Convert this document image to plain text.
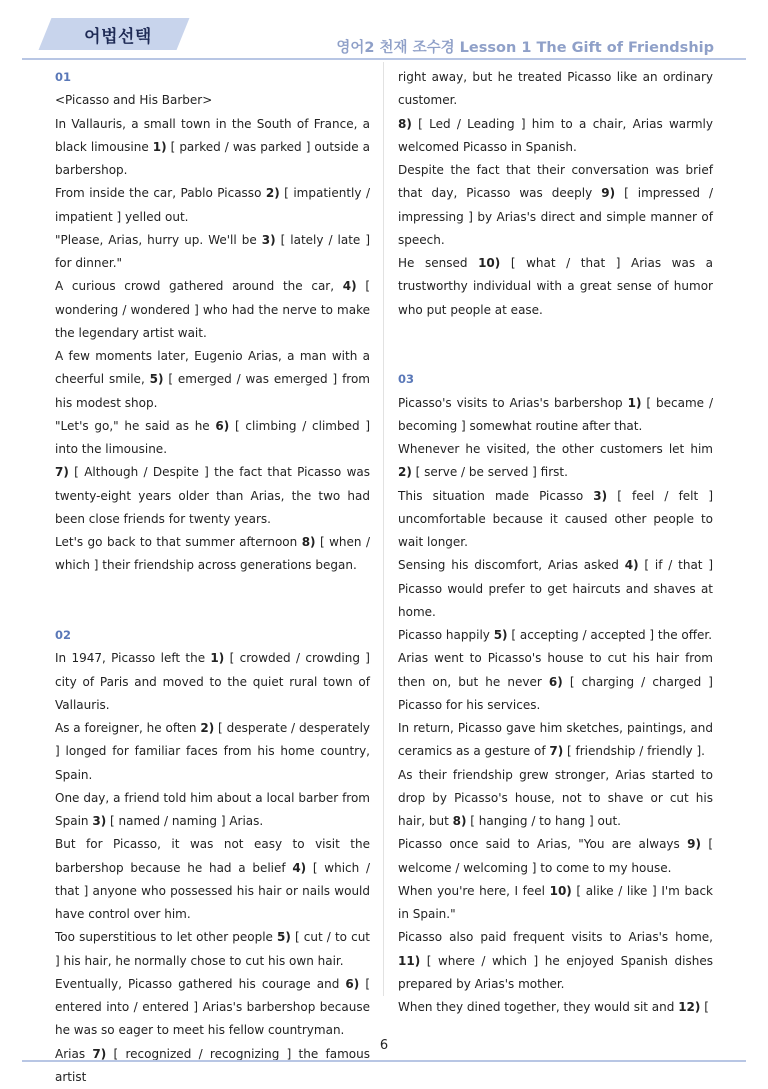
어법선택
영어2 천재 조수경 Lesson 1 The Gift of Friendship
01
<Picasso and His Barber>
In Vallauris, a small town in the South of France, a black limousine 1) [ parked / was parked ] outside a barbershop.
From inside the car, Pablo Picasso 2) [ impatiently / impatient ] yelled out.
"Please, Arias, hurry up. We'll be 3) [ lately / late ] for dinner."
A curious crowd gathered around the car, 4) [ wondering / wondered ] who had the nerve to make the legendary artist wait.
A few moments later, Eugenio Arias, a man with a cheerful smile, 5) [ emerged / was emerged ] from his modest shop.
"Let's go," he said as he 6) [ climbing / climbed ] into the limousine.
7) [ Although / Despite ] the fact that Picasso was twenty-eight years older than Arias, the two had been close friends for twenty years.
Let's go back to that summer afternoon 8) [ when / which ] their friendship across generations began.
02
In 1947, Picasso left the 1) [ crowded / crowding ] city of Paris and moved to the quiet rural town of Vallauris.
As a foreigner, he often 2) [ desperate / desperately ] longed for familiar faces from his home country, Spain.
One day, a friend told him about a local barber from Spain 3) [ named / naming ] Arias.
But for Picasso, it was not easy to visit the barbershop because he had a belief 4) [ which / that ] anyone who possessed his hair or nails would have control over him.
Too superstitious to let other people 5) [ cut / to cut ] his hair, he normally chose to cut his own hair.
Eventually, Picasso gathered his courage and 6) [ entered into / entered ] Arias's barbershop because he was so eager to meet his fellow countryman.
Arias 7) [ recognized / recognizing ] the famous artist
right away, but he treated Picasso like an ordinary customer.
8) [ Led / Leading ] him to a chair, Arias warmly welcomed Picasso in Spanish.
Despite the fact that their conversation was brief that day, Picasso was deeply 9) [ impressed / impressing ] by Arias's direct and simple manner of speech.
He sensed 10) [ what / that ] Arias was a trustworthy individual with a great sense of humor who put people at ease.
03
Picasso's visits to Arias's barbershop 1) [ became / becoming ] somewhat routine after that.
Whenever he visited, the other customers let him 2) [ serve / be served ] first.
This situation made Picasso 3) [ feel / felt ] uncomfortable because it caused other people to wait longer.
Sensing his discomfort, Arias asked 4) [ if / that ] Picasso would prefer to get haircuts and shaves at home.
Picasso happily 5) [ accepting / accepted ] the offer.
Arias went to Picasso's house to cut his hair from then on, but he never 6) [ charging / charged ] Picasso for his services.
In return, Picasso gave him sketches, paintings, and ceramics as a gesture of 7) [ friendship / friendly ].
As their friendship grew stronger, Arias started to drop by Picasso's house, not to shave or cut his hair, but 8) [ hanging / to hang ] out.
Picasso once said to Arias, "You are always 9) [ welcome / welcoming ] to come to my house.
When you're here, I feel 10) [ alike / like ] I'm back in Spain."
Picasso also paid frequent visits to Arias's home, 11) [ where / which ] he enjoyed Spanish dishes prepared by Arias's mother.
When they dined together, they would sit and 12) [
6
